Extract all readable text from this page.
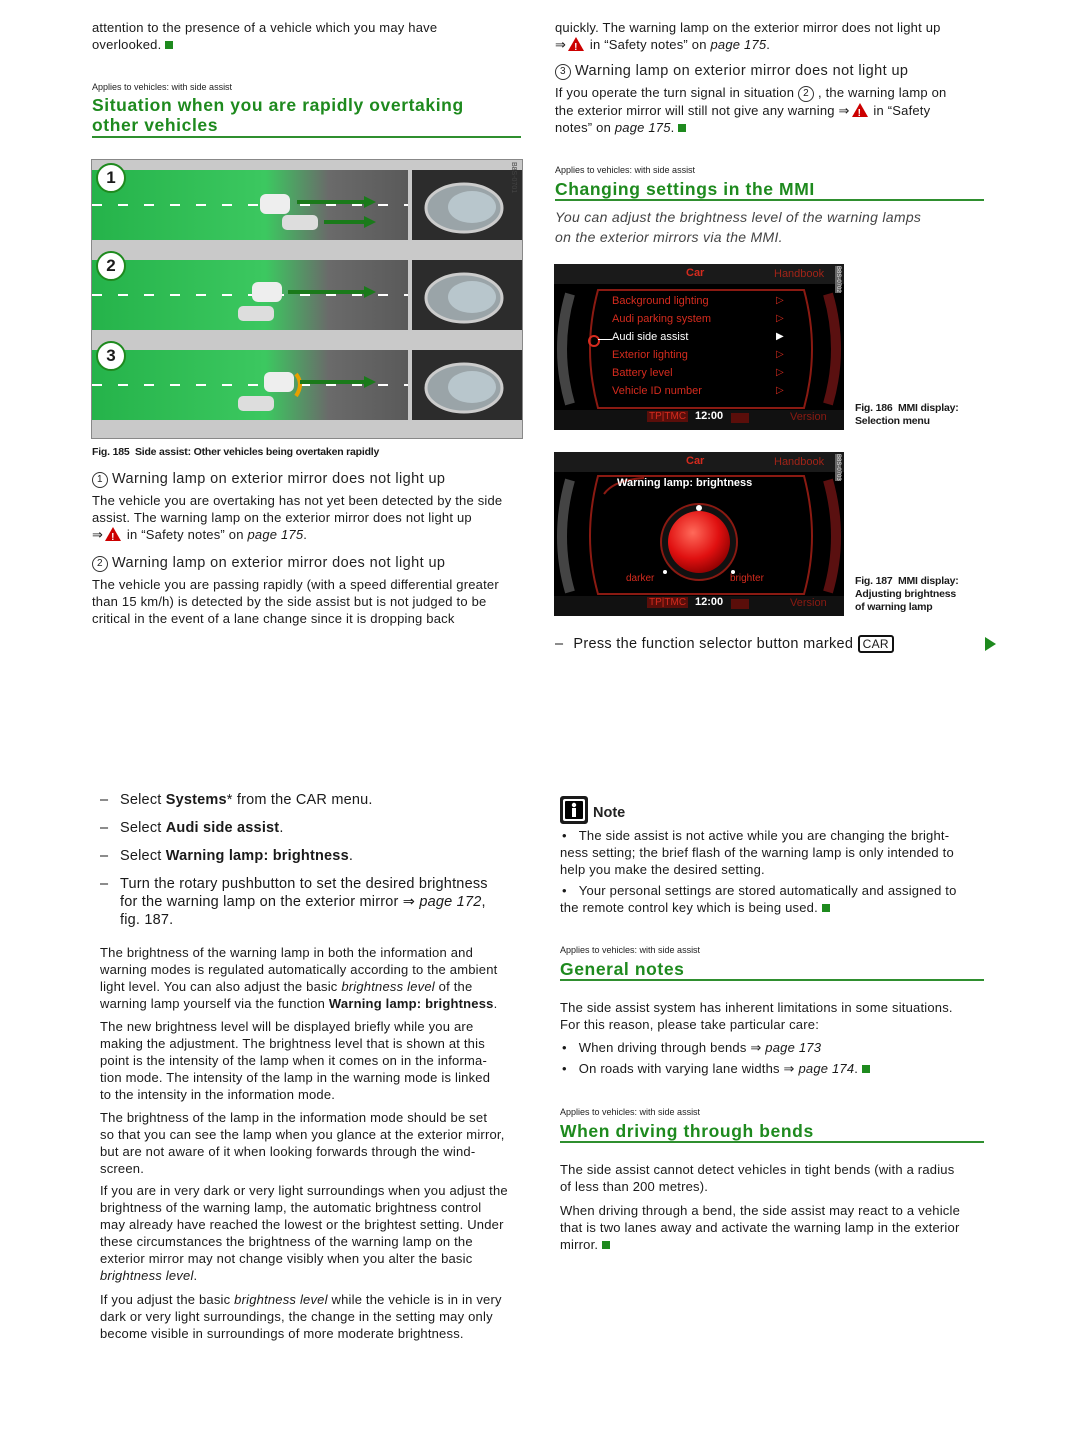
attention to the presence of a vehicle which you may have
overlooked.
Applies to vehicles: with side assist
Situation when you are rapidly overtaking
other vehicles
1
2
3
B8S-0701
Fig. 185 Side assist: Other vehicles being overtaken rapidly
1 Warning lamp on exterior mirror does not light up
The vehicle you are overtaking has not yet been detected by the side
assist. The warning lamp on the exterior mirror does not light up
⇒! in “Safety notes” on page 175.
2 Warning lamp on exterior mirror does not light up
The vehicle you are passing rapidly (with a speed differential greater
than 15 km/h) is detected by the side assist but is not judged to be
critical in the event of a lane change since it is dropping back
quickly. The warning lamp on the exterior mirror does not light up
⇒! in “Safety notes” on page 175.
3 Warning lamp on exterior mirror does not light up
If you operate the turn signal in situation 2 , the warning lamp on
the exterior mirror will still not give any warning ⇒! in “Safety
notes” on page 175.
Applies to vehicles: with side assist
Changing settings in the MMI
You can adjust the brightness level of the warning lamps
on the exterior mirrors via the MMI.
Car	Handbook B8S-0702
Background lighting	▷
Audi parking system	▷
Audi side assist	▶
Exterior lighting	▷
Battery level	▷
Vehicle ID number	▷
TP|TMC 12:00	Version
Fig. 186 MMI display:
Selection menu
Car	Handbook B8S-0703
Warning lamp: brightness
darker	brighter
TP|TMC 12:00	Version
Fig. 187 MMI display:
Adjusting brightness
of warning lamp
– Press the function selector button marked CAR
– Select Systems* from the CAR menu.
– Select Audi side assist.
– Select Warning lamp: brightness.
– Turn the rotary pushbutton to set the desired brightness
for the warning lamp on the exterior mirror ⇒ page 172,
fig. 187.
The brightness of the warning lamp in both the information and
warning modes is regulated automatically according to the ambient
light level. You can also adjust the basic brightness level of the
warning lamp yourself via the function Warning lamp: brightness.
The new brightness level will be displayed briefly while you are
making the adjustment. The brightness level that is shown at this
point is the intensity of the lamp when it comes on in the informa-
tion mode. The intensity of the lamp in the warning mode is linked
to the intensity in the information mode.
The brightness of the lamp in the information mode should be set
so that you can see the lamp when you glance at the exterior mirror,
but are not aware of it when looking forwards through the wind-
screen.
If you are in very dark or very light surroundings when you adjust the
brightness of the warning lamp, the automatic brightness control
may already have reached the lowest or the brightest setting. Under
these circumstances the brightness of the warning lamp on the
exterior mirror may not change visibly when you alter the basic
brightness level.
If you adjust the basic brightness level while the vehicle is in in very
dark or very light surroundings, the change in the setting may only
become visible in surroundings of more moderate brightness.
Note
• The side assist is not active while you are changing the bright-
ness setting; the brief flash of the warning lamp is only intended to
help you make the desired setting.
• Your personal settings are stored automatically and assigned to
the remote control key which is being used.
Applies to vehicles: with side assist
General notes
The side assist system has inherent limitations in some situations.
For this reason, please take particular care:
• When driving through bends ⇒ page 173
• On roads with varying lane widths ⇒ page 174.
Applies to vehicles: with side assist
When driving through bends
The side assist cannot detect vehicles in tight bends (with a radius
of less than 200 metres).
When driving through a bend, the side assist may react to a vehicle
that is two lanes away and activate the warning lamp in the exterior
mirror.
